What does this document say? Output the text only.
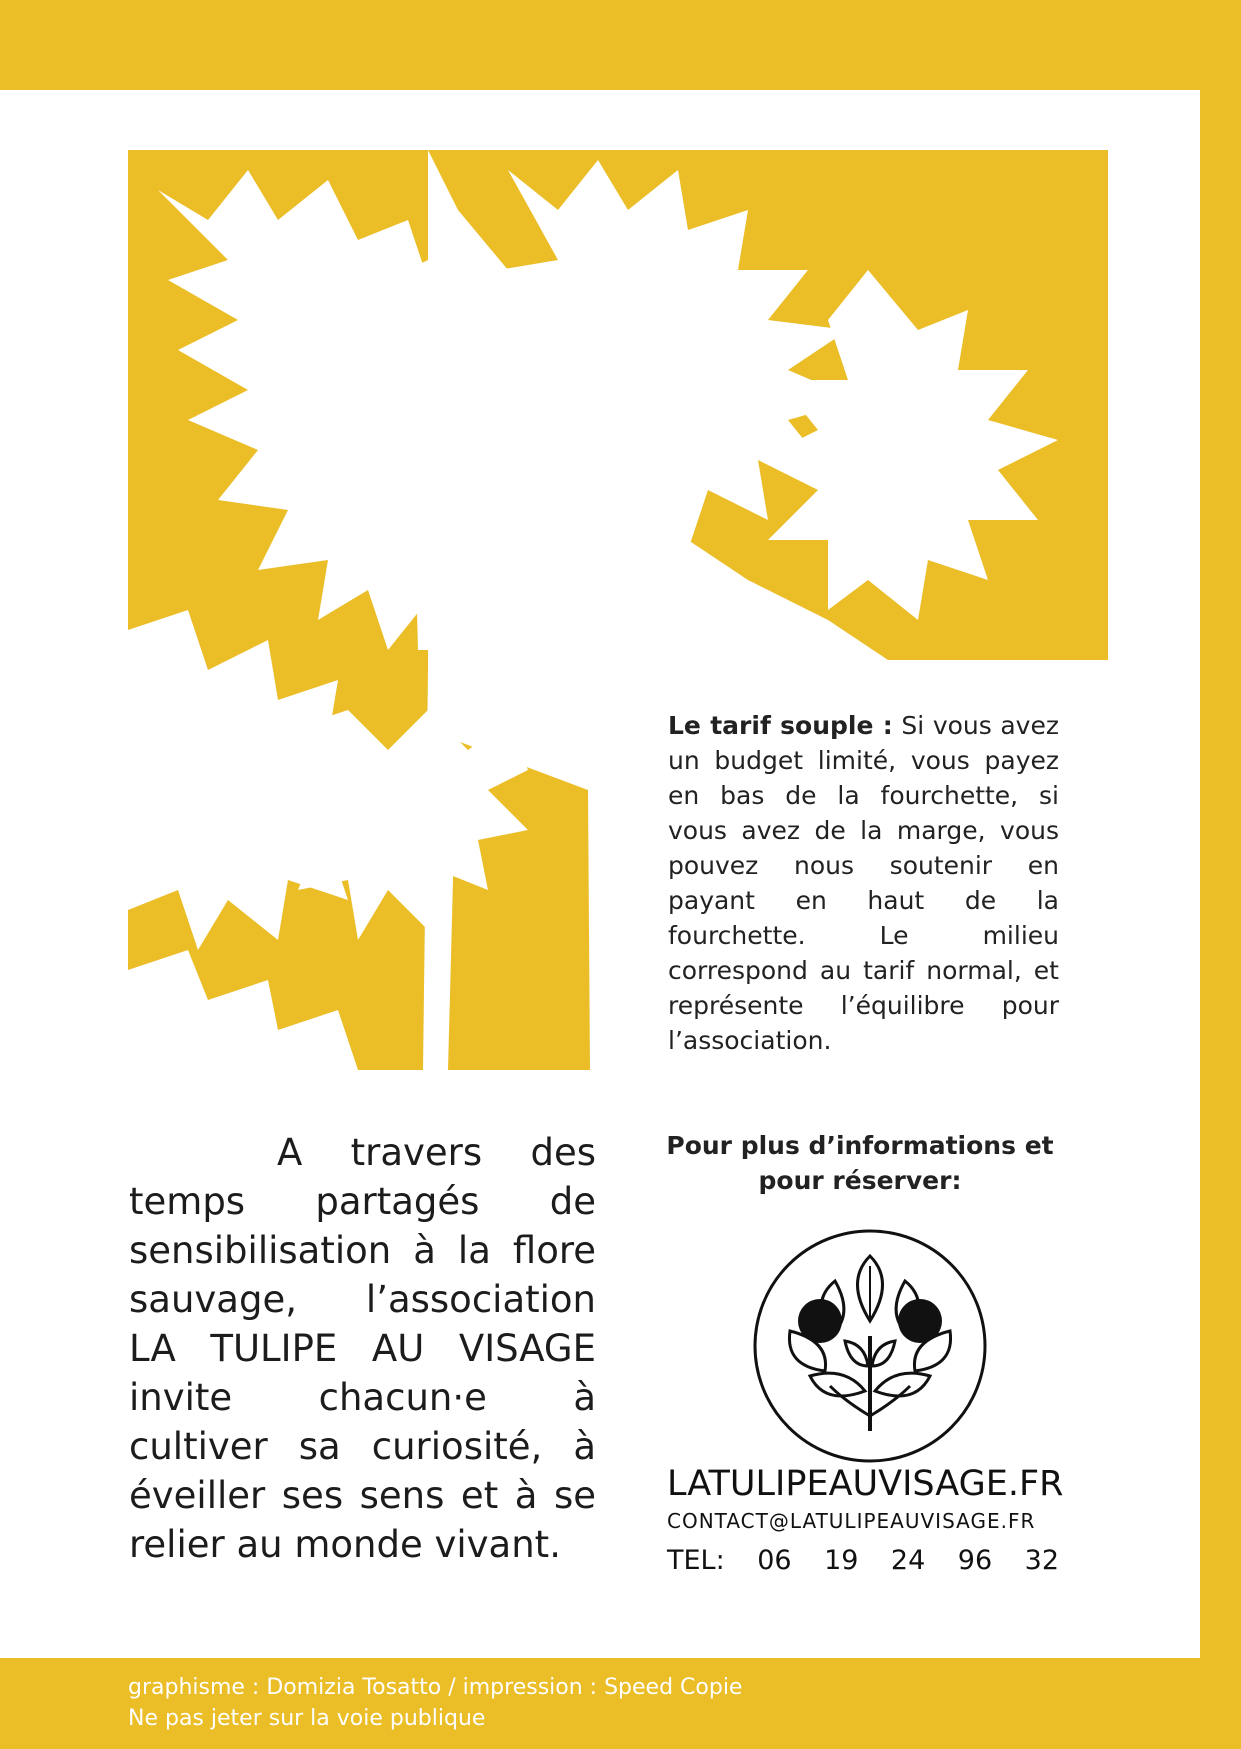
Le tarif souple : Si vous avez un budget limité, vous payez en bas de la fourchette, si vous avez de la marge, vous pouvez nous soutenir en payant en haut de la fourchette. Le milieu correspond au tarif normal, et représente l’équilibre pour l’association.
A travers des temps partagés de sensibilisation à la flore sauvage, l’association LA TULIPE AU VISAGE invite chacun·e à cultiver sa curiosité, à éveiller ses sens et à se relier au monde vivant.
Pour plus d’informations et pour réserver:
LATULIPEAUVISAGE.FR
CONTACT@LATULIPEAUVISAGE.FR
TEL: 06 19 24 96 32
graphisme : Domizia Tosatto / impression : Speed Copie
Ne pas jeter sur la voie publique
